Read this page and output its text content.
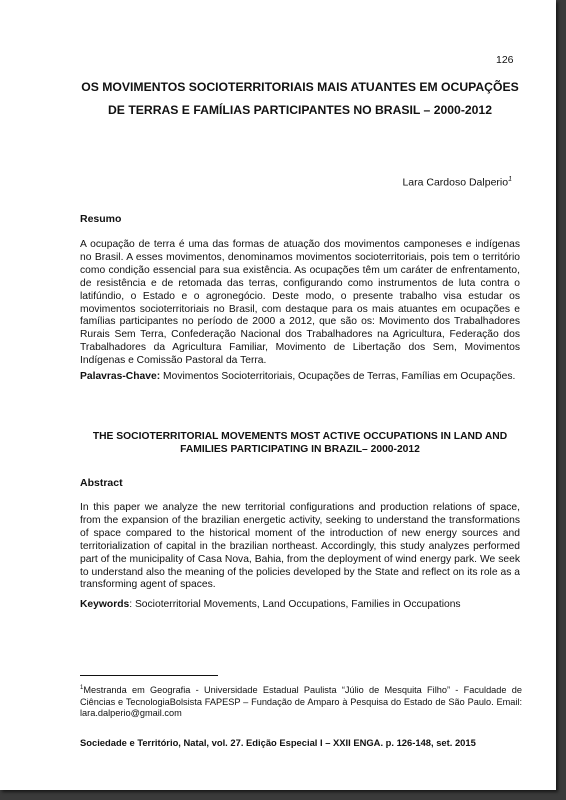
126
OS MOVIMENTOS SOCIOTERRITORIAIS MAIS ATUANTES EM OCUPAÇÕES DE TERRAS E FAMÍLIAS PARTICIPANTES NO BRASIL – 2000-2012
Lara Cardoso Dalperio$^1$
Resumo

A ocupação de terra é uma das formas de atuação dos movimentos camponeses e indígenas no Brasil. A esses movimentos, denominamos movimentos socioterritoriais, pois tem o território como condição essencial para sua existência. As ocupações têm um caráter de enfrentamento, de resistência e de retomada das terras, configurando como instrumentos de luta contra o latifúndio, o Estado e o agronegócio. Deste modo, o presente trabalho visa estudar os movimentos socioterritoriais no Brasil, com destaque para os mais atuantes em ocupações e famílias participantes no período de 2000 a 2012, que são os: Movimento dos Trabalhadores Rurais Sem Terra, Confederação Nacional dos Trabalhadores na Agricultura, Federação dos Trabalhadores da Agricultura Familiar, Movimento de Libertação dos Sem, Movimentos Indígenas e Comissão Pastoral da Terra.

Palavras-Chave: Movimentos Socioterritoriais, Ocupações de Terras, Famílias em Ocupações.

THE SOCIOTERRITORIAL MOVEMENTS MOST ACTIVE OCCUPATIONS IN LAND AND FAMILIES PARTICIPATING IN BRAZIL– 2000-2012
Abstract

In this paper we analyze the new territorial configurations and production relations of space, from the expansion of the brazilian energetic activity, seeking to understand the transformations of space compared to the historical moment of the introduction of new energy sources and territorialization of capital in the brazilian northeast. Accordingly, this study analyzes performed part of the municipality of Casa Nova, Bahia, from the deployment of wind energy park. We seek to understand also the meaning of the policies developed by the State and reflect on its role as a transforming agent of spaces.

Keywords: Socioterritorial Movements, Land Occupations, Families in Occupations

$^1$Mestranda em Geografia - Universidade Estadual Paulista “Júlio de Mesquita Filho” - Faculdade de Ciências e TecnologiaBolsista FAPESP – Fundação de Amparo à Pesquisa do Estado de São Paulo. Email: lara.dalperio@gmail.com

Sociedade e Território, Natal, vol. 27. Edição Especial I – XXII ENGA. p. 126-148, set. 2015
